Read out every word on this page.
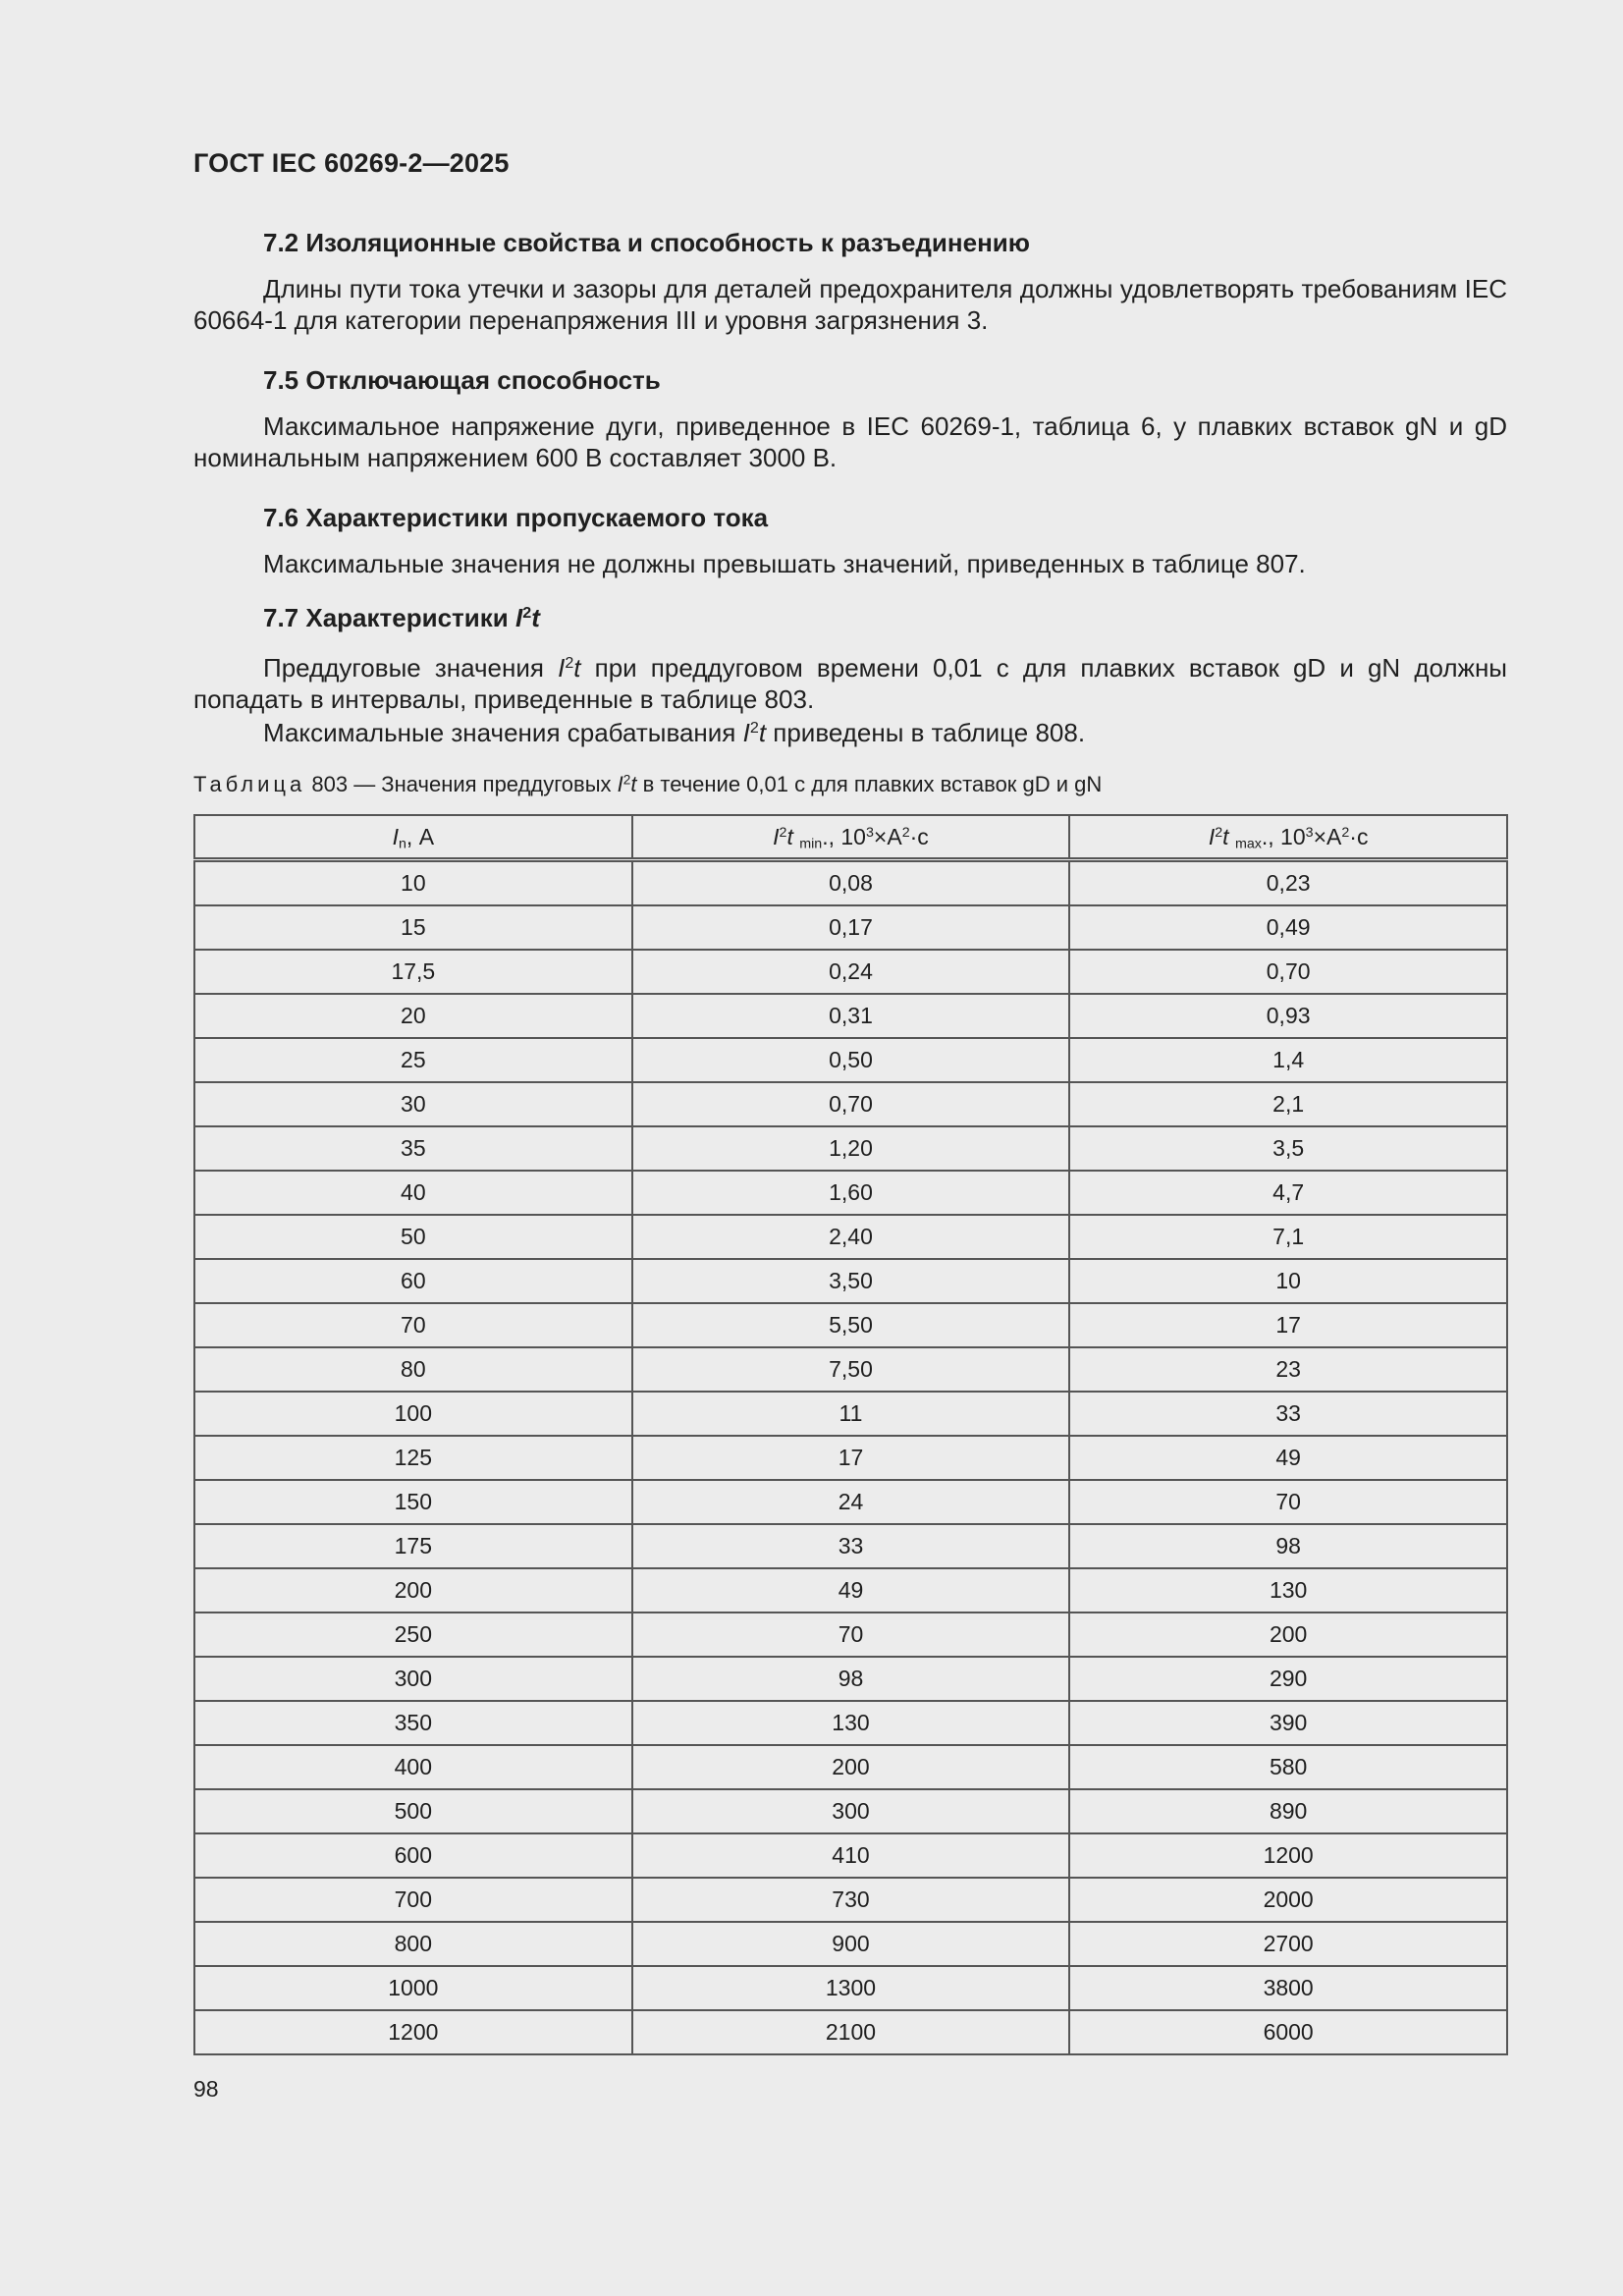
ГОСТ IEC 60269-2—2025
7.2 Изоляционные свойства и способность к разъединению
Длины пути тока утечки и зазоры для деталей предохранителя должны удовлетворять требованиям IEC 60664-1 для категории перенапряжения III и уровня загрязнения 3.
7.5 Отключающая способность
Максимальное напряжение дуги, приведенное в IEC 60269-1, таблица 6, у плавких вставок gN и gD номинальным напряжением 600 В составляет 3000 В.
7.6 Характеристики пропускаемого тока
Максимальные значения не должны превышать значений, приведенных в таблице 807.
7.7 Характеристики $I^2t$
Преддуговые значения $I^2t$ при преддуговом времени 0,01 с для плавких вставок gD и gN должны попадать в интервалы, приведенные в таблице 803.
Максимальные значения срабатывания $I^2t$ приведены в таблице 808.
Таблица 803 — Значения преддуговых $I^2t$ в течение 0,01 с для плавких вставок gD и gN
$I_n$, А	$I^2t$ $_{min}$., $10^3\times А^2\cdot с$	$I^2t$ $_{max}$., $10^3\times А^2\cdot с$
10	0,08	0,23
15	0,17	0,49
17,5	0,24	0,70
20	0,31	0,93
25	0,50	1,4
30	0,70	2,1
35	1,20	3,5
40	1,60	4,7
50	2,40	7,1
60	3,50	10
70	5,50	17
80	7,50	23
100	11	33
125	17	49
150	24	70
175	33	98
200	49	130
250	70	200
300	98	290
350	130	390
400	200	580
500	300	890
600	410	1200
700	730	2000
800	900	2700
1000	1300	3800
1200	2100	6000
98
